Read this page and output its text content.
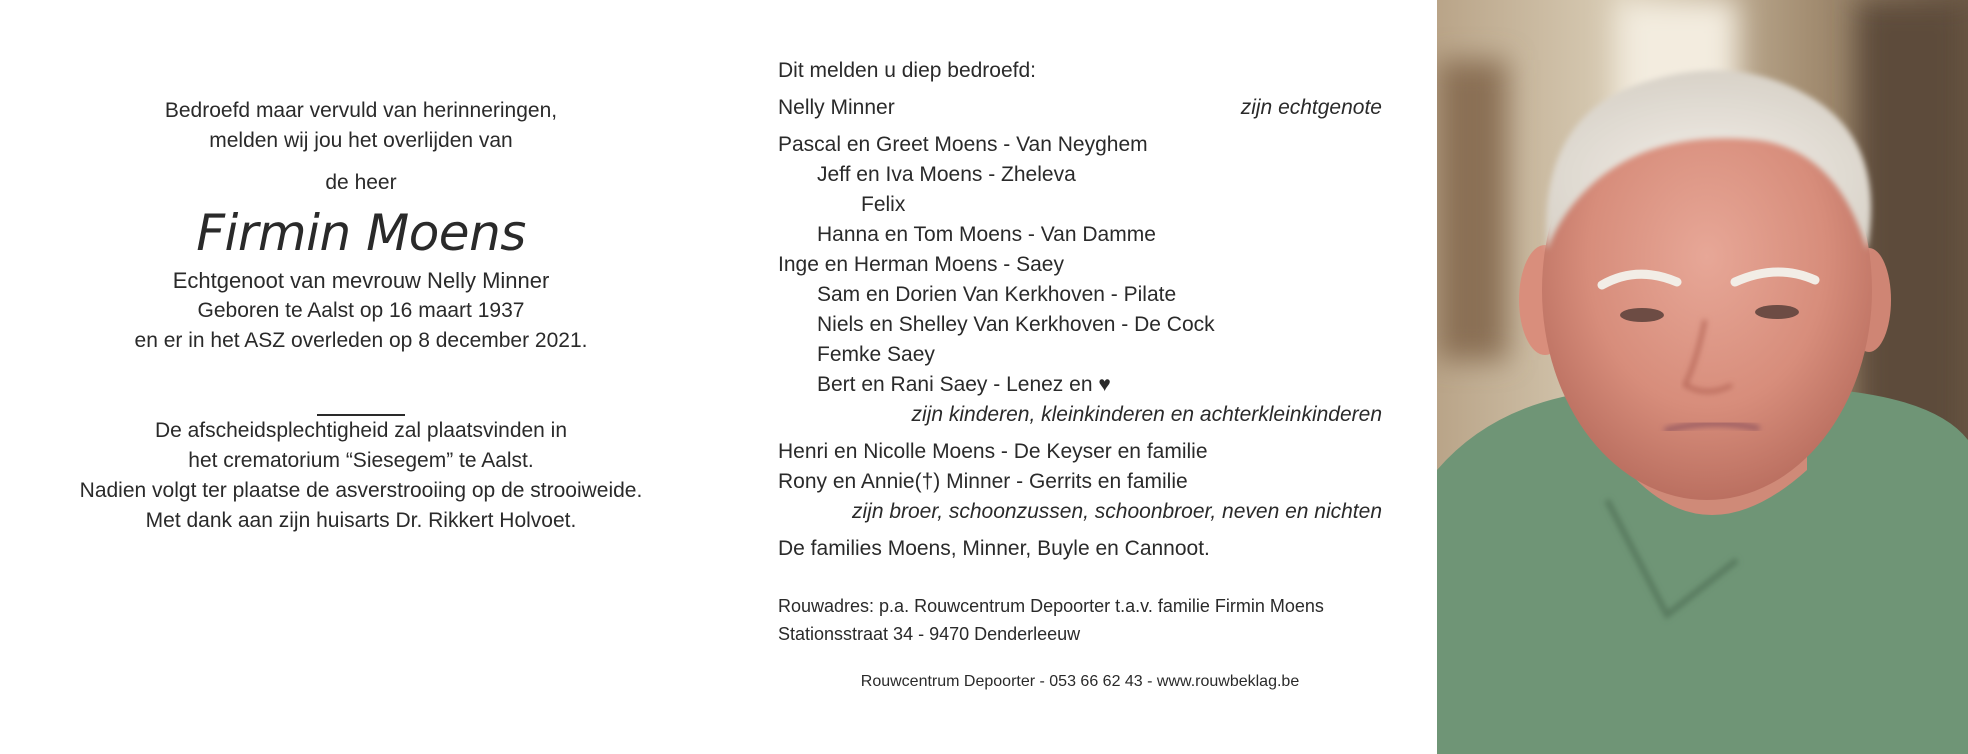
Bedroefd maar vervuld van herinneringen,

melden wij jou het overlijden van

de heer

Firmin Moens
Echtgenoot van mevrouw Nelly Minner

Geboren te Aalst op 16 maart 1937

en er in het ASZ overleden op 8 december 2021.

De afscheidsplechtigheid zal plaatsvinden in

het crematorium “Siesegem” te Aalst.

Nadien volgt ter plaatse de asverstrooiing op de strooiweide.

Met dank aan zijn huisarts Dr. Rikkert Holvoet.

Dit melden u diep bedroefd:
Nelly Minner	zijn echtgenote
Pascal en Greet Moens - Van Neyghem
Jeff en Iva Moens - Zheleva
Felix
Hanna en Tom Moens - Van Damme
Inge en Herman Moens - Saey
Sam en Dorien Van Kerkhoven - Pilate
Niels en Shelley Van Kerkhoven - De Cock
Femke Saey
Bert en Rani Saey - Lenez en ♥
zijn kinderen, kleinkinderen en achterkleinkinderen
Henri en Nicolle Moens - De Keyser en familie
Rony en Annie(†) Minner - Gerrits en familie
zijn broer, schoonzussen, schoonbroer, neven en nichten
De families Moens, Minner, Buyle en Cannoot.
Rouwadres: p.a. Rouwcentrum Depoorter t.a.v. familie Firmin Moens
Stationsstraat 34 - 9470 Denderleeuw
Rouwcentrum Depoorter - 053 66 62 43 - www.rouwbeklag.be
